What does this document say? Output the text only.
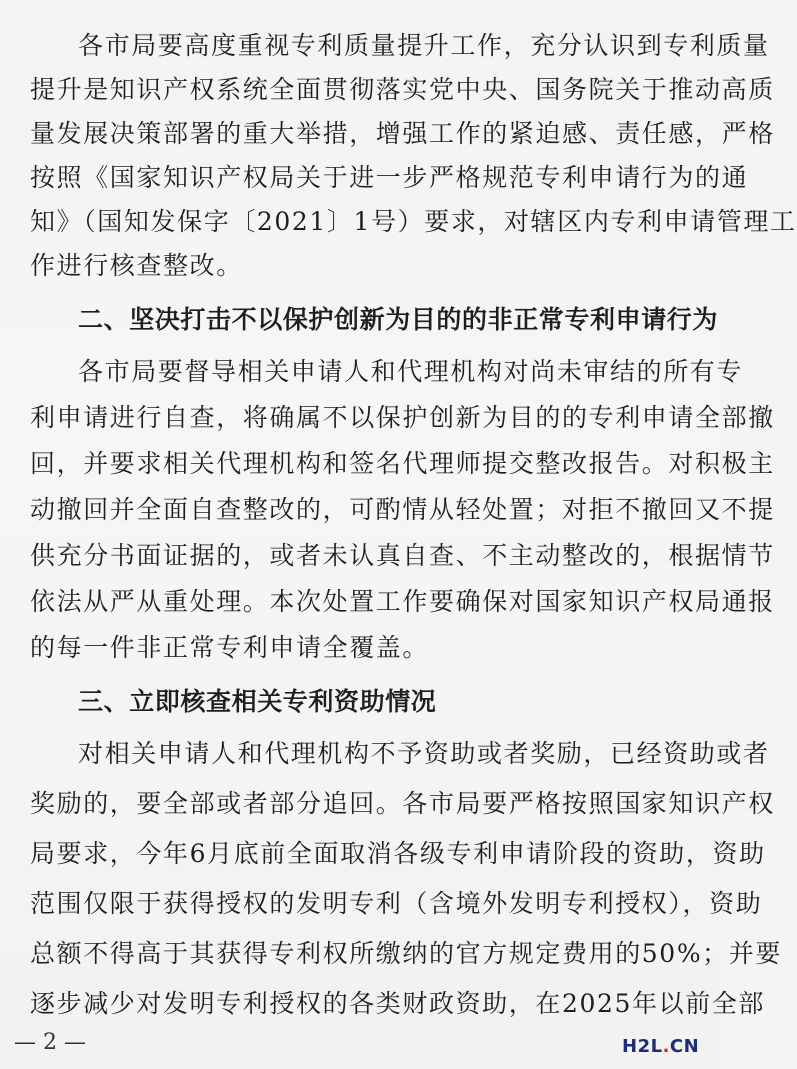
各市局要高度重视专利质量提升工作，充分认识到专利质量
提升是知识产权系统全面贯彻落实党中央、国务院关于推动高质
量发展决策部署的重大举措，增强工作的紧迫感、责任感，严格
按照《国家知识产权局关于进一步严格规范专利申请行为的通
知》（国知发保字〔2021〕1号）要求，对辖区内专利申请管理工
作进行核查整改。
二、坚决打击不以保护创新为目的的非正常专利申请行为
各市局要督导相关申请人和代理机构对尚未审结的所有专
利申请进行自查，将确属不以保护创新为目的的专利申请全部撤
回，并要求相关代理机构和签名代理师提交整改报告。对积极主
动撤回并全面自查整改的，可酌情从轻处置；对拒不撤回又不提
供充分书面证据的，或者未认真自查、不主动整改的，根据情节
依法从严从重处理。本次处置工作要确保对国家知识产权局通报
的每一件非正常专利申请全覆盖。
三、立即核查相关专利资助情况
对相关申请人和代理机构不予资助或者奖励，已经资助或者
奖励的，要全部或者部分追回。各市局要严格按照国家知识产权
局要求，今年6月底前全面取消各级专利申请阶段的资助，资助
范围仅限于获得授权的发明专利（含境外发明专利授权），资助
总额不得高于其获得专利权所缴纳的官方规定费用的50%；并要
逐步减少对发明专利授权的各类财政资助，在2025年以前全部
— 2 —	H2L.CN
